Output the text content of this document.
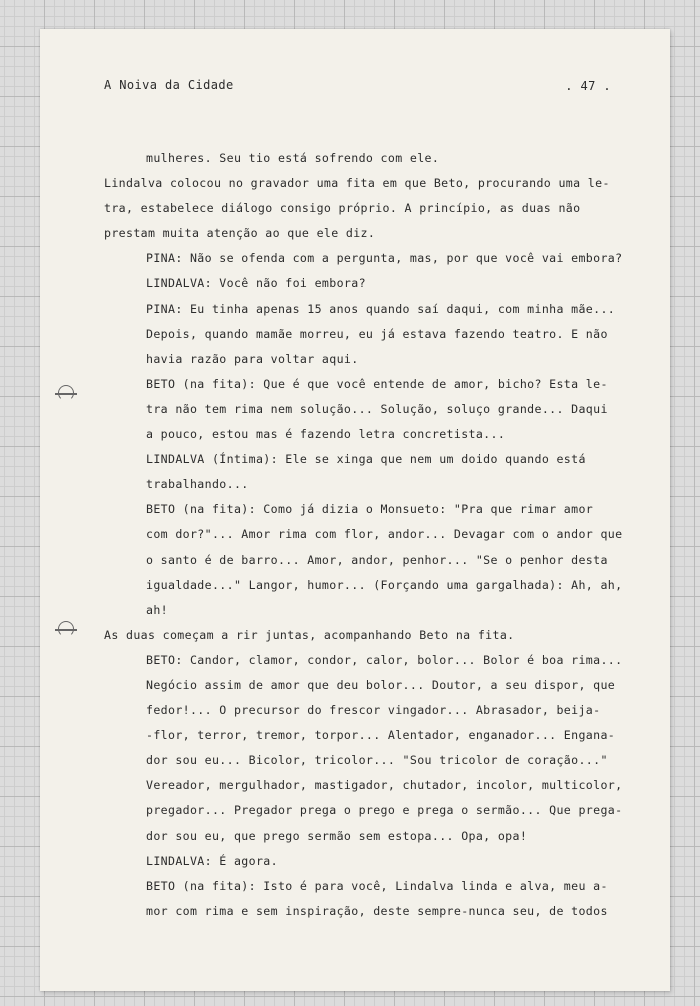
A Noiva da Cidade	. 47 .
mulheres. Seu tio está sofrendo com ele.
Lindalva colocou no gravador uma fita em que Beto, procurando uma le-
tra, estabelece diálogo consigo próprio. A princípio, as duas não
prestam muita atenção ao que ele diz.
PINA: Não se ofenda com a pergunta, mas, por que você vai embora?
LINDALVA: Você não foi embora?
PINA: Eu tinha apenas 15 anos quando saí daqui, com minha mãe...
Depois, quando mamãe morreu, eu já estava fazendo teatro. E não
havia razão para voltar aqui.
BETO (na fita): Que é que você entende de amor, bicho? Esta le-
tra não tem rima nem solução... Solução, soluço grande... Daqui
a pouco, estou mas é fazendo letra concretista...
LINDALVA (Íntima): Ele se xinga que nem um doido quando está
trabalhando...
BETO (na fita): Como já dizia o Monsueto: "Pra que rimar amor
com dor?"... Amor rima com flor, andor... Devagar com o andor que
o santo é de barro... Amor, andor, penhor... "Se o penhor desta
igualdade..." Langor, humor... (Forçando uma gargalhada): Ah, ah,
ah!
As duas começam a rir juntas, acompanhando Beto na fita.
BETO: Candor, clamor, condor, calor, bolor... Bolor é boa rima...
Negócio assim de amor que deu bolor... Doutor, a seu dispor, que
fedor!... O precursor do frescor vingador... Abrasador, beija-
-flor, terror, tremor, torpor... Alentador, enganador... Engana-
dor sou eu... Bicolor, tricolor... "Sou tricolor de coração..."
Vereador, mergulhador, mastigador, chutador, incolor, multicolor,
pregador... Pregador prega o prego e prega o sermão... Que prega-
dor sou eu, que prego sermão sem estopa... Opa, opa!
LINDALVA: É agora.
BETO (na fita): Isto é para você, Lindalva linda e alva, meu a-
mor com rima e sem inspiração, deste sempre-nunca seu, de todos
